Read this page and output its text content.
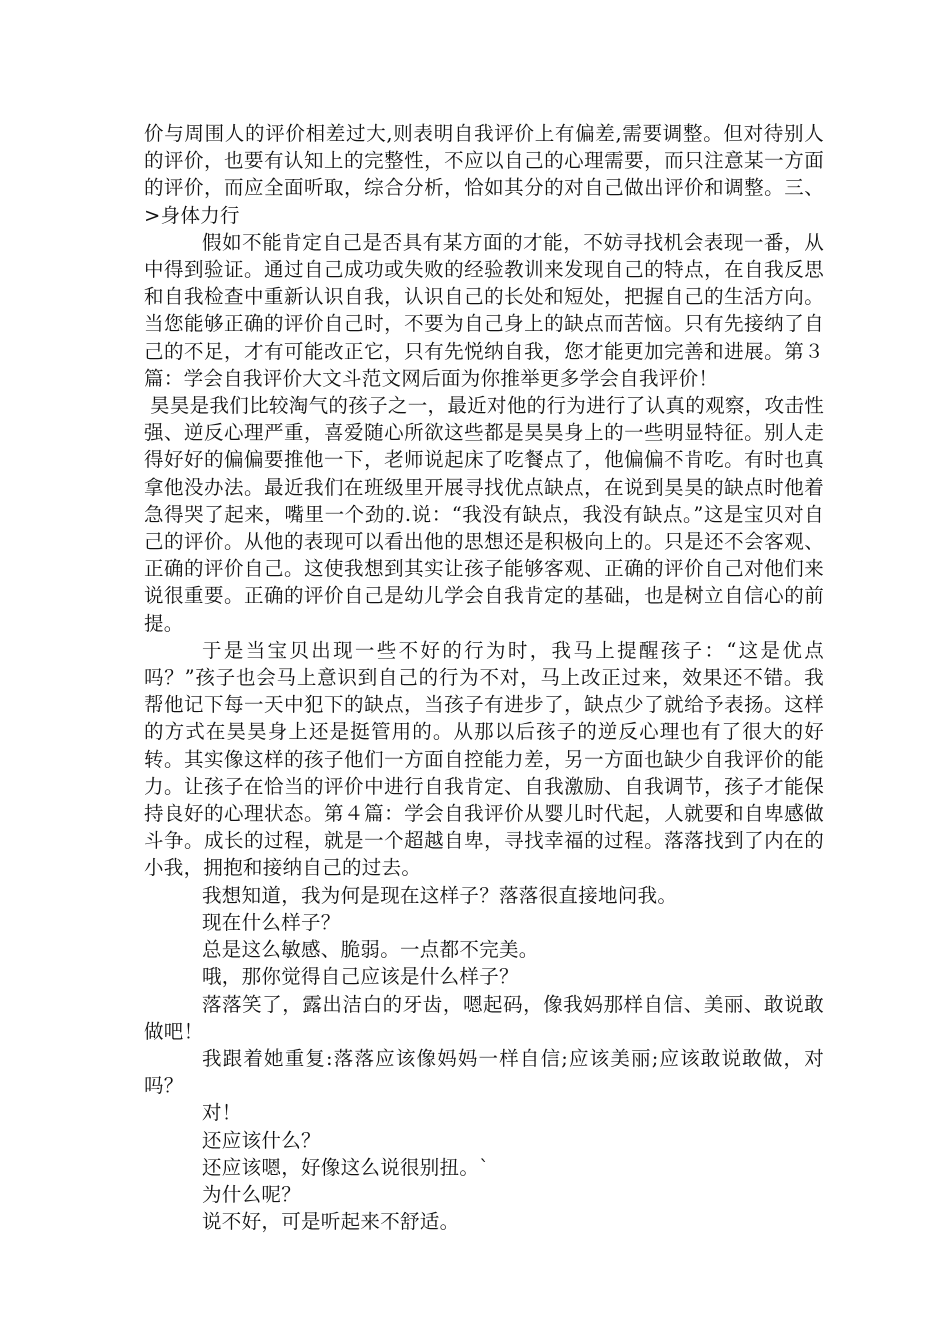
价与周围人的评价相差过大,则表明自我评价上有偏差,需要调整。但对待别人的评价，也要有认知上的完整性，不应以自己的心理需要，而只注意某一方面的评价，而应全面听取，综合分析，恰如其分的对自己做出评价和调整。三、>身体力行

假如不能肯定自己是否具有某方面的才能，不妨寻找机会表现一番，从中得到验证。通过自己成功或失败的经验教训来发现自己的特点，在自我反思和自我检查中重新认识自我，认识自己的长处和短处，把握自己的生活方向。当您能够正确的评价自己时，不要为自己身上的缺点而苦恼。只有先接纳了自己的不足，才有可能改正它，只有先悦纳自我，您才能更加完善和进展。第３篇：学会自我评价大文斗范文网后面为你推举更多学会自我评价！

昊昊是我们比较淘气的孩子之一，最近对他的行为进行了认真的观察，攻击性强、逆反心理严重，喜爱随心所欲这些都是昊昊身上的一些明显特征。别人走得好好的偏偏要推他一下，老师说起床了吃餐点了，他偏偏不肯吃。有时也真拿他没办法。最近我们在班级里开展寻找优点缺点，在说到昊昊的缺点时他着急得哭了起来，嘴里一个劲的.说：“我没有缺点，我没有缺点。”这是宝贝对自己的评价。从他的表现可以看出他的思想还是积极向上的。只是还不会客观、正确的评价自己。这使我想到其实让孩子能够客观、正确的评价自己对他们来说很重要。正确的评价自己是幼儿学会自我肯定的基础，也是树立自信心的前提。

于是当宝贝出现一些不好的行为时，我马上提醒孩子：“这是优点吗？”孩子也会马上意识到自己的行为不对，马上改正过来，效果还不错。我帮他记下每一天中犯下的缺点，当孩子有进步了，缺点少了就给予表扬。这样的方式在昊昊身上还是挺管用的。从那以后孩子的逆反心理也有了很大的好转。其实像这样的孩子他们一方面自控能力差，另一方面也缺少自我评价的能力。让孩子在恰当的评价中进行自我肯定、自我激励、自我调节，孩子才能保持良好的心理状态。第４篇：学会自我评价从婴儿时代起，人就要和自卑感做斗争。成长的过程，就是一个超越自卑，寻找幸福的过程。落落找到了内在的小我，拥抱和接纳自己的过去。

我想知道，我为何是现在这样子？落落很直接地问我。

现在什么样子？

总是这么敏感、脆弱。一点都不完美。

哦，那你觉得自己应该是什么样子？

落落笑了，露出洁白的牙齿，嗯起码，像我妈那样自信、美丽、敢说敢做吧！

我跟着她重复:落落应该像妈妈一样自信;应该美丽;应该敢说敢做，对吗？

对！

还应该什么？

还应该嗯，好像这么说很别扭。`

为什么呢？

说不好，可是听起来不舒适。
